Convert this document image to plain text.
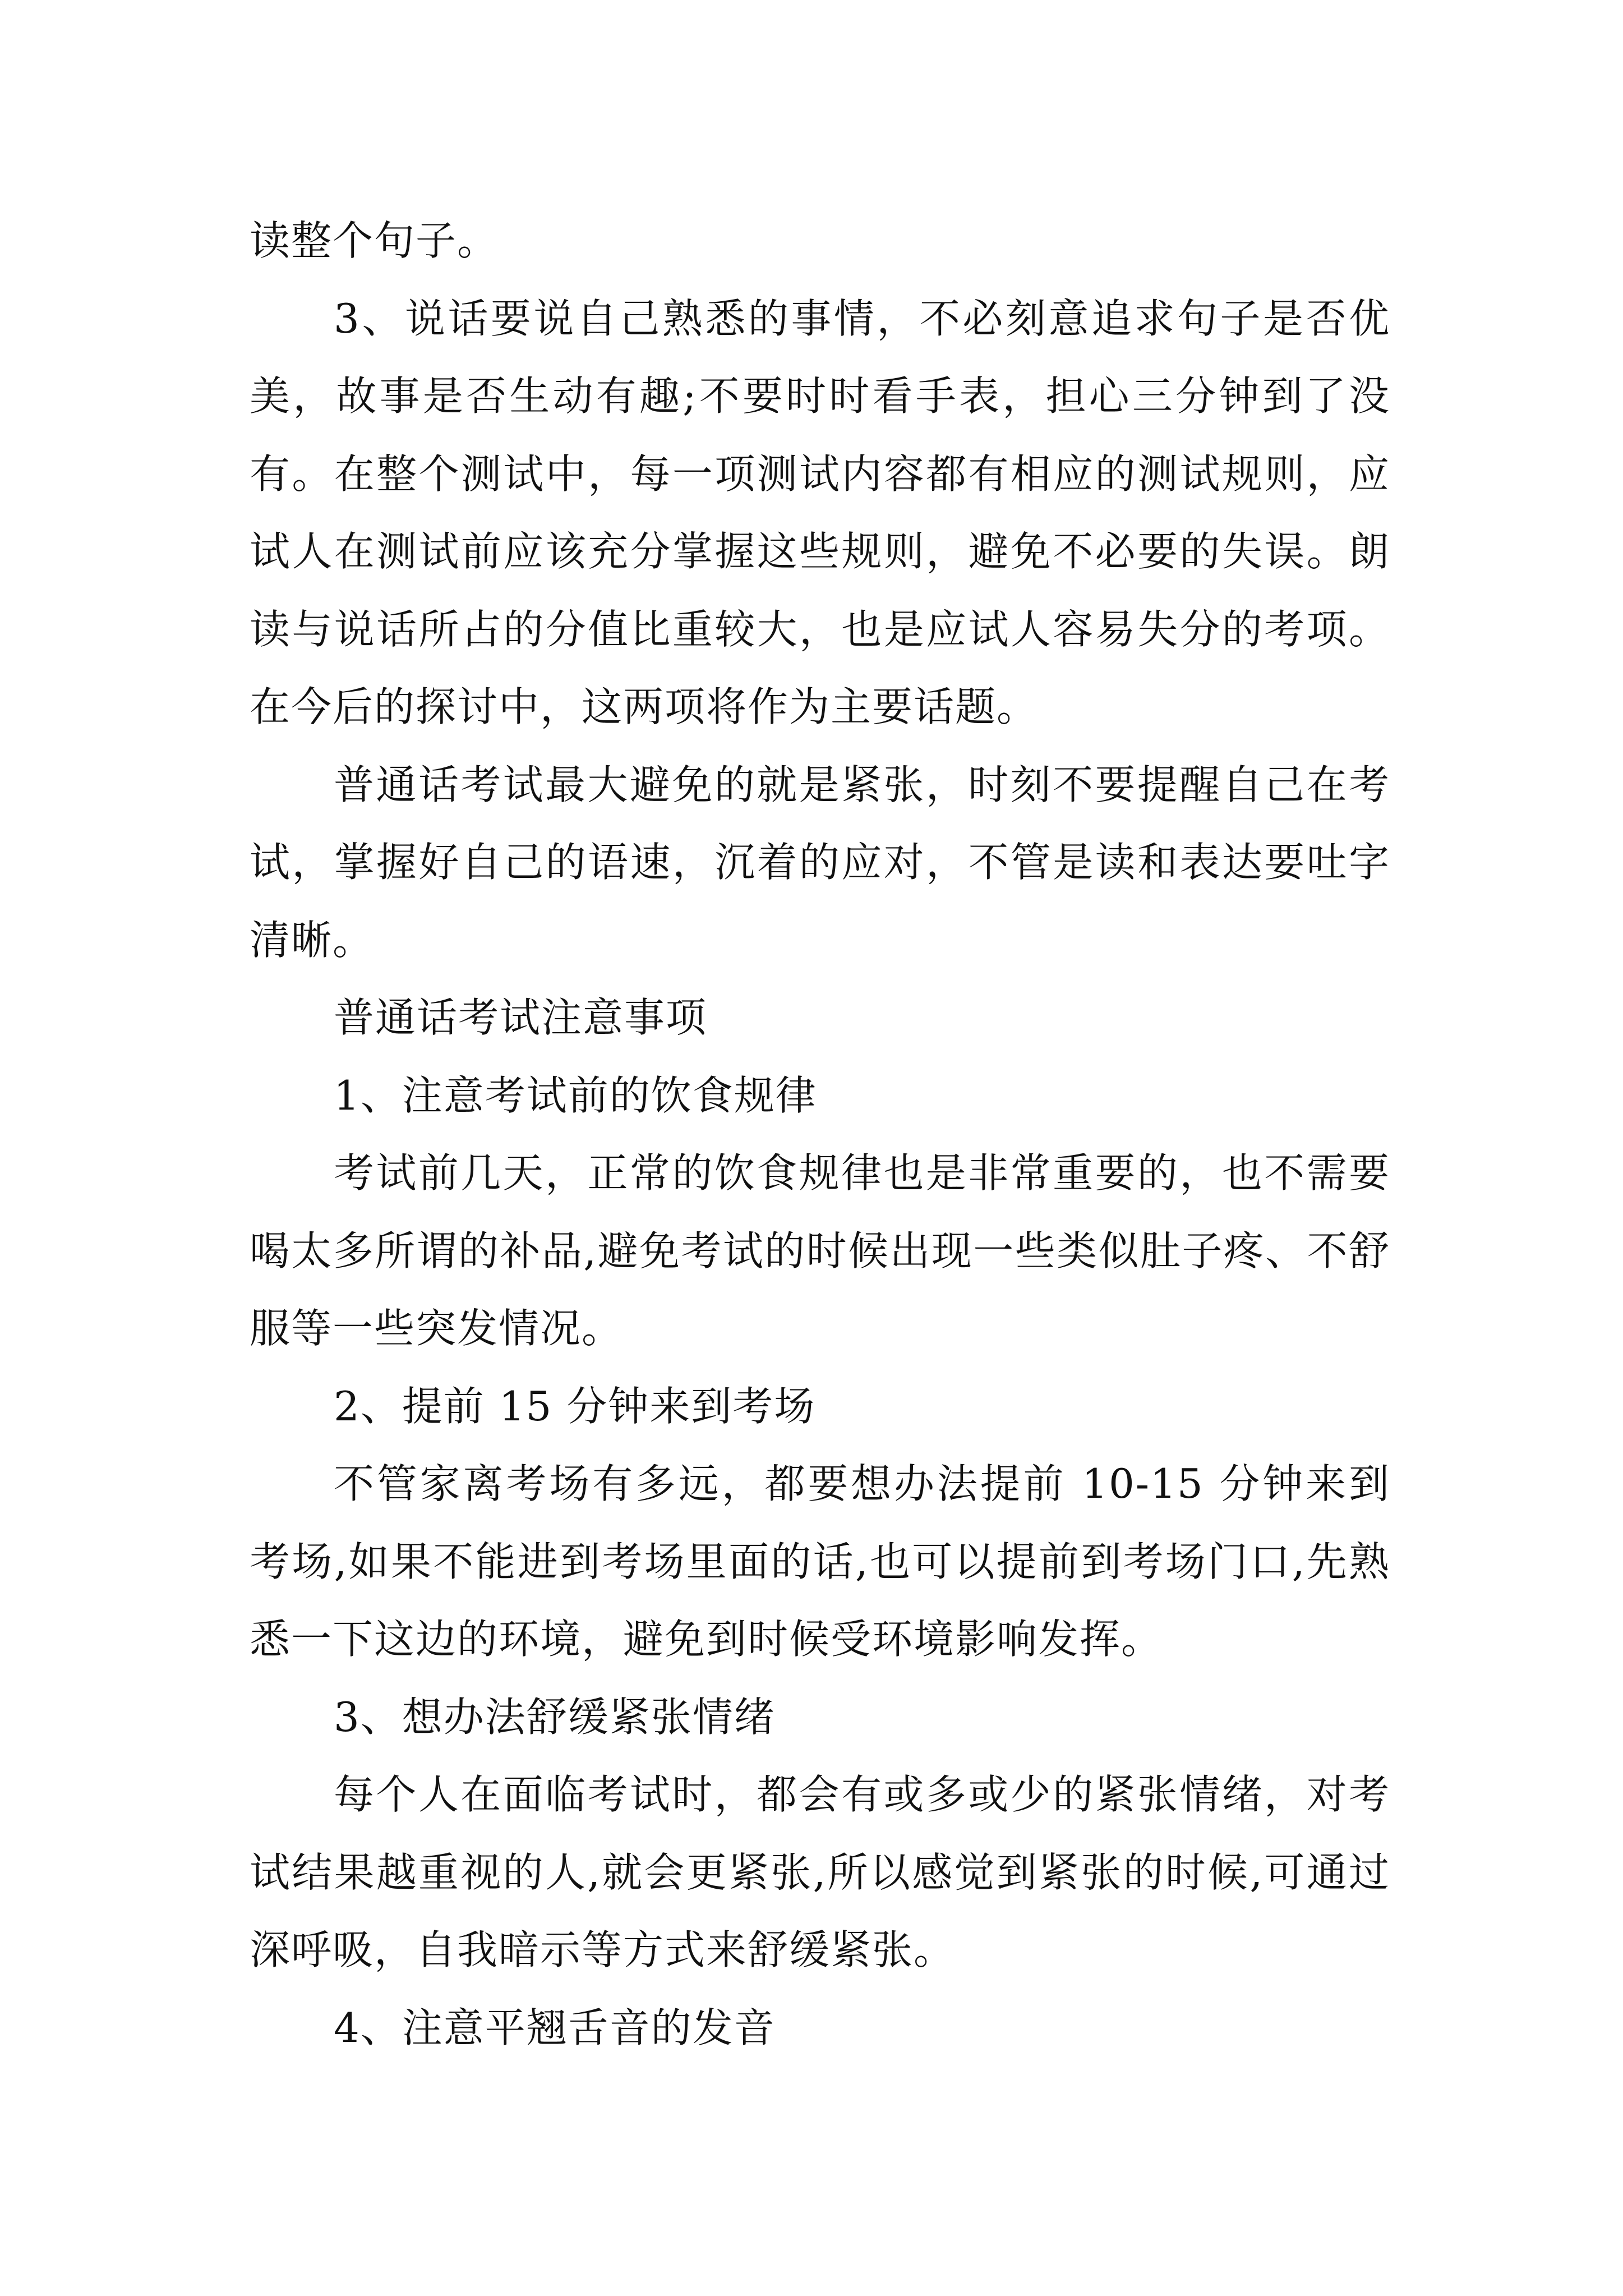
读整个句子。

3、说话要说自己熟悉的事情，不必刻意追求句子是否优美，故事是否生动有趣;不要时时看手表，担心三分钟到了没有。在整个测试中，每一项测试内容都有相应的测试规则，应试人在测试前应该充分掌握这些规则，避免不必要的失误。朗读与说话所占的分值比重较大，也是应试人容易失分的考项。在今后的探讨中，这两项将作为主要话题。

普通话考试最大避免的就是紧张，时刻不要提醒自己在考试，掌握好自己的语速，沉着的应对，不管是读和表达要吐字清晰。

普通话考试注意事项

1、注意考试前的饮食规律

考试前几天，正常的饮食规律也是非常重要的，也不需要喝太多所谓的补品,避免考试的时候出现一些类似肚子疼、不舒服等一些突发情况。

2、提前 15 分钟来到考场

不管家离考场有多远，都要想办法提前 10-15 分钟来到考场,如果不能进到考场里面的话,也可以提前到考场门口,先熟悉一下这边的环境，避免到时候受环境影响发挥。

3、想办法舒缓紧张情绪

每个人在面临考试时，都会有或多或少的紧张情绪，对考试结果越重视的人,就会更紧张,所以感觉到紧张的时候,可通过深呼吸，自我暗示等方式来舒缓紧张。

4、注意平翘舌音的发音
